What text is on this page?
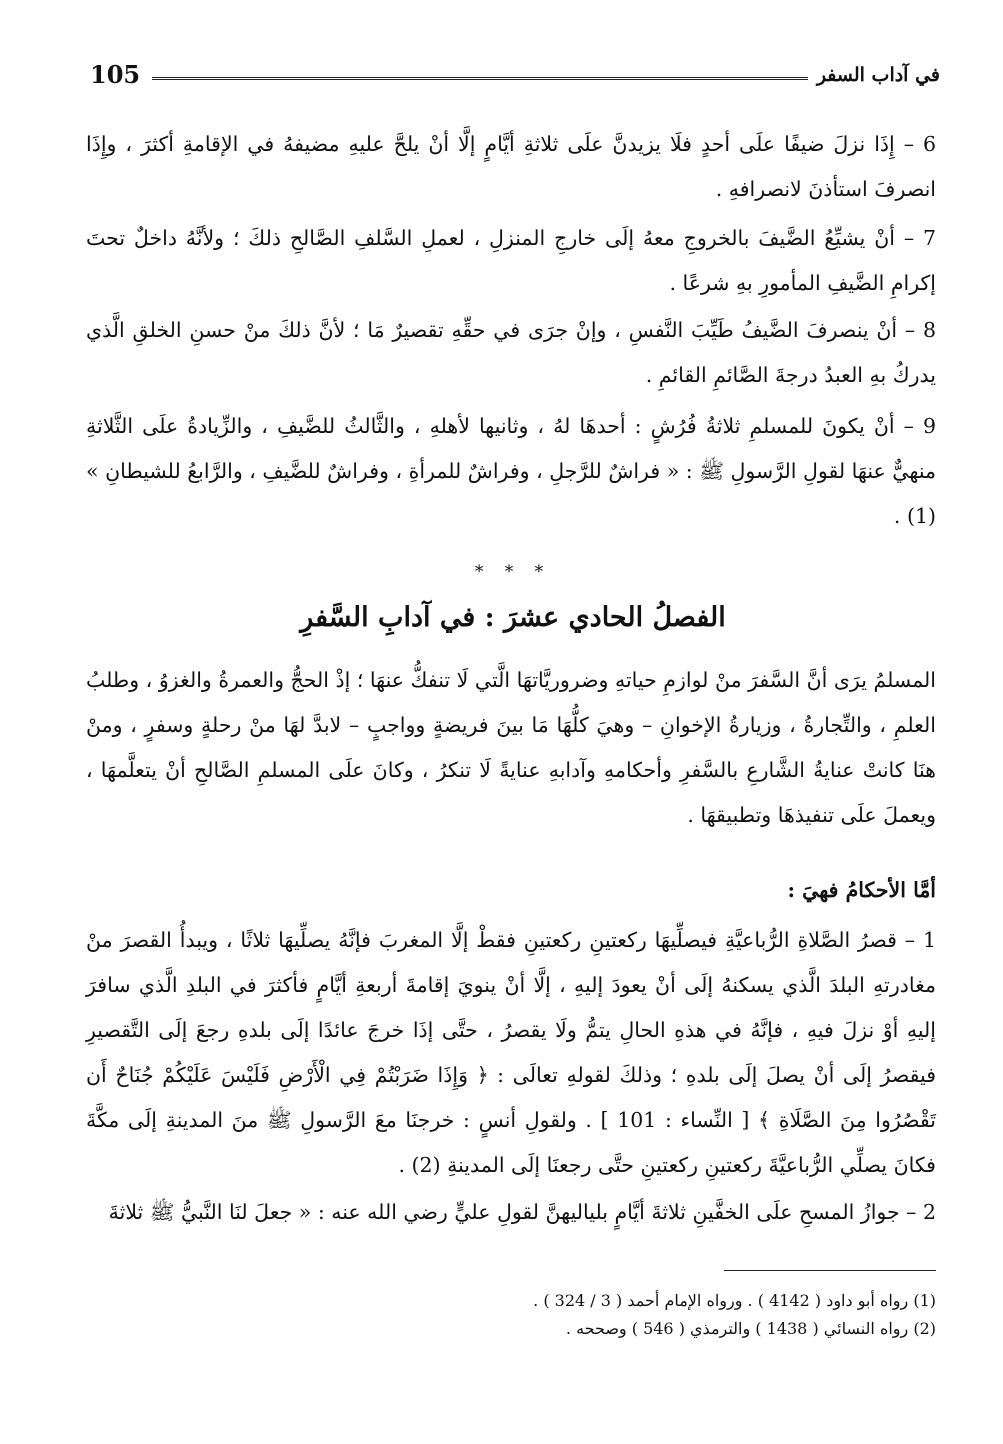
105	في آداب السفر

6 – إِذَا نزلَ ضيفًا علَى أحدٍ فلَا يزيدنَّ علَى ثلاثةِ أيَّامٍ إلَّا أنْ يلحَّ عليهِ مضيفهُ في الإقامةِ أكثرَ ، وإِذَا انصرفَ استأذنَ لانصرافهِ .

7 – أنْ يشيِّعُ الضَّيفَ بالخروجِ معهُ إلَى خارجِ المنزلِ ، لعملِ السَّلفِ الصَّالحِ ذلكَ ؛ ولأنَّهُ داخلٌ تحتَ إكرامِ الضَّيفِ المأمورِ بهِ شرعًا .

8 – أنْ ينصرفَ الضَّيفُ طَيِّبَ النَّفسِ ، وإنْ جرَى في حقِّهِ تقصيرٌ مَا ؛ لأنَّ ذلكَ منْ حسنِ الخلقِ الَّذي يدركُ بهِ العبدُ درجةَ الصَّائمِ القائمِ .

9 – أنْ يكونَ للمسلمِ ثلاثةُ فُرُشٍ : أحدهَا لهُ ، وثانيها لأهلهِ ، والثَّالثُ للضَّيفِ ، والزِّيادةُ علَى الثَّلاثةِ منهيٌّ عنهَا لقولِ الرَّسولِ ﷺ : « فراشٌ للرَّجلِ ، وفراشٌ للمرأةِ ، وفراشٌ للضَّيفِ ، والرَّابعُ للشيطانِ » (1) .

* * *
الفصلُ الحادي عشرَ : في آدابِ السَّفرِ

المسلمُ يرَى أنَّ السَّفرَ منْ لوازمِ حياتهِ وضروريَّاتهَا الَّتي لَا تنفكُّ عنهَا ؛ إذْ الحجُّ والعمرةُ والغزوُ ، وطلبُ العلمِ ، والتِّجارةُ ، وزيارةُ الإخوانِ – وهيَ كلُّهَا مَا بينَ فريضةٍ وواجبٍ – لابدَّ لهَا منْ رحلةٍ وسفرٍ ، ومنْ هنَا كانتْ عنايةُ الشَّارعِ بالسَّفرِ وأحكامهِ وآدابهِ عنايةً لَا تنكرُ ، وكانَ علَى المسلمِ الصَّالحِ أنْ يتعلَّمهَا ، ويعملَ علَى تنفيذهَا وتطبيقهَا .

أمَّا الأحكامُ فهيَ :

1 – قصرُ الصَّلاةِ الرُّباعيَّةِ فيصلِّيهَا ركعتينِ ركعتينِ فقطْ إلَّا المغربَ فإنَّهُ يصلِّيهَا ثلاثًا ، ويبدأُ القصرَ منْ مغادرتهِ البلدَ الَّذي يسكنهُ إلَى أنْ يعودَ إليهِ ، إلَّا أنْ ينويَ إقامةَ أربعةِ أيَّامٍ فأكثرَ في البلدِ الَّذي سافرَ إليهِ أوْ نزلَ فيهِ ، فإنَّهُ في هذهِ الحالِ يتمُّ ولَا يقصرُ ، حتَّى إذَا خرجَ عائدًا إلَى بلدهِ رجعَ إلَى التَّقصيرِ فيقصرُ إلَى أنْ يصلَ إلَى بلدهِ ؛ وذلكَ لقولهِ تعالَى : ﴿ وَإِذَا ضَرَبْتُمْ فِي الْأَرْضِ فَلَيْسَ عَلَيْكُمْ جُنَاحٌ أَن تَقْصُرُوا مِنَ الصَّلَاةِ ﴾ [ النِّساء : 101 ] . ولقولِ أنسٍ : خرجنَا معَ الرَّسولِ ﷺ منَ المدينةِ إلَى مكَّةَ فكانَ يصلِّي الرُّباعيَّةَ ركعتينِ ركعتينِ حتَّى رجعنَا إلَى المدينةِ (2) .

2 – جوازُ المسحِ علَى الخفَّينِ ثلاثةَ أيَّامٍ بلياليهنَّ لقولِ عليٍّ رضي الله عنه : « جعلَ لنَا النَّبيُّ ﷺ ثلاثةَ

(1) رواه أبو داود ( 4142 ) . ورواه الإمام أحمد ( 3 / 324 ) .

(2) رواه النسائي ( 1438 ) والترمذي ( 546 ) وصححه .
